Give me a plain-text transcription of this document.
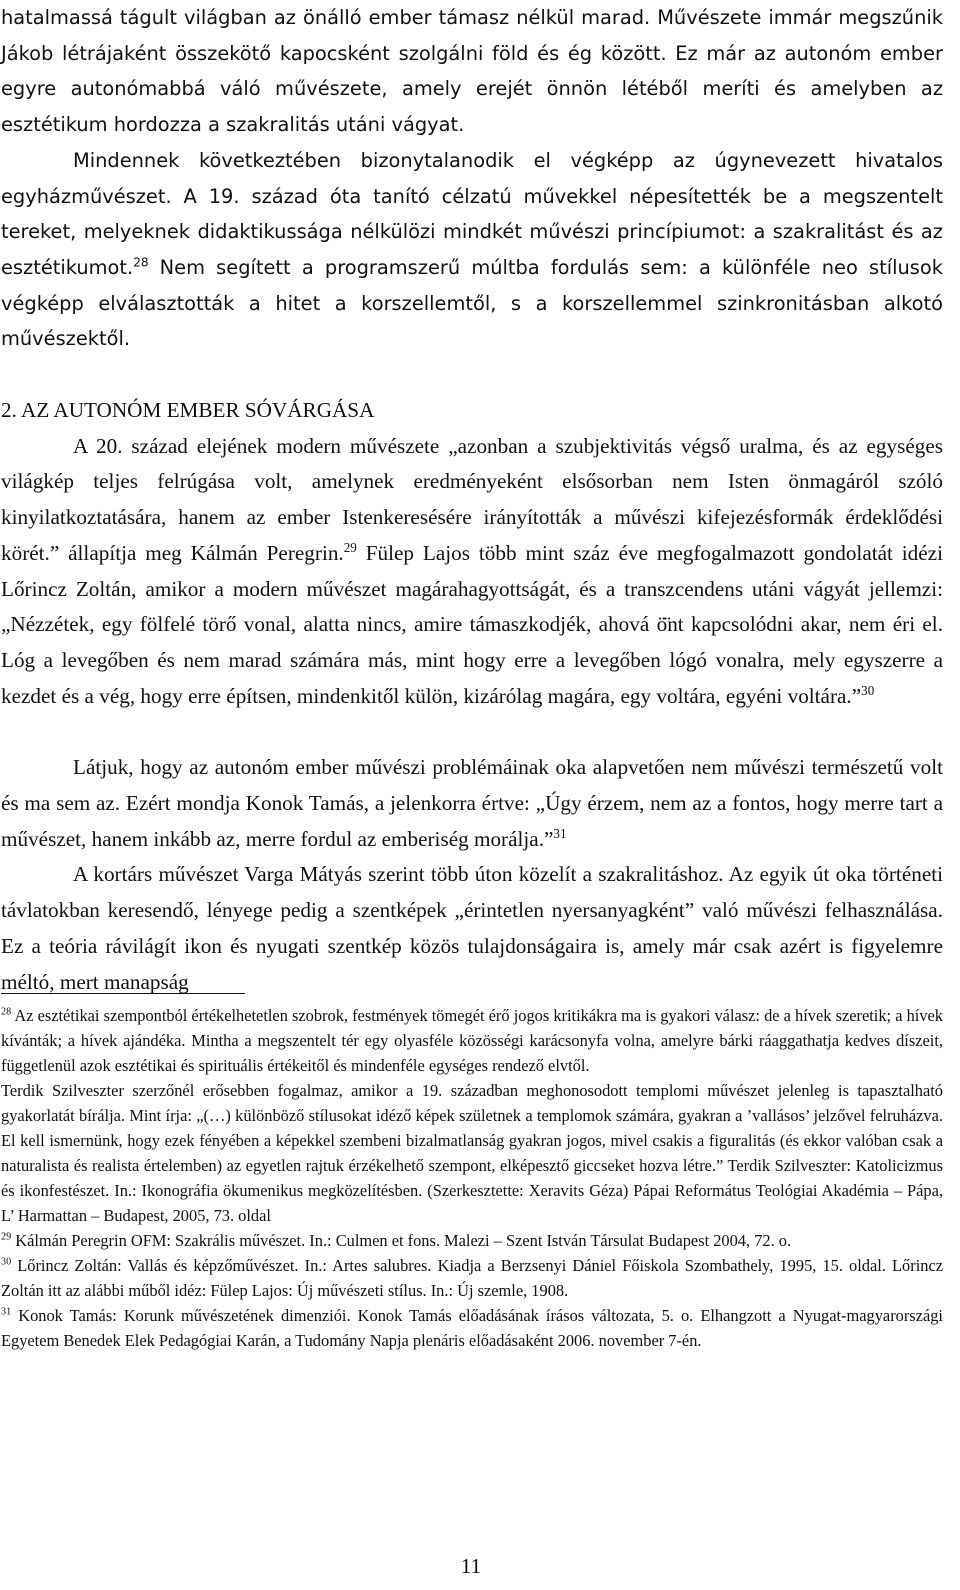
hatalmassá tágult világban az önálló ember támasz nélkül marad. Művészete immár megszűnik Jákob létrájaként összekötő kapocsként szolgálni föld és ég között. Ez már az autonóm ember egyre autonómabbá váló művészete, amely erejét önnön létéből meríti és amelyben az esztétikum hordozza a szakralitás utáni vágyat.

Mindennek következtében bizonytalanodik el végképp az úgynevezett hivatalos egyházművészet. A 19. század óta tanító célzatú művekkel népesítették be a megszentelt tereket, melyeknek didaktikussága nélkülözi mindkét művészi princípiumot: a szakralitást és az esztétikumot.$^{28}$ Nem segített a programszerű múltba fordulás sem: a különféle neo stílusok végképp elválasztották a hitet a korszellemtől, s a korszellemmel szinkronitásban alkotó művészektől.

2. AZ AUTONÓM EMBER SÓVÁRGÁSA

A 20. század elejének modern művészete „azonban a szubjektivitás végső uralma, és az egységes világkép teljes felrúgása volt, amelynek eredményeként elsősorban nem Isten önmagáról szóló kinyilatkoztatására, hanem az ember Istenkeresésére irányították a művészi kifejezésformák érdeklődési körét.” állapítja meg Kálmán Peregrin.$^{29}$ Fülep Lajos több mint száz éve megfogalmazott gondolatát idézi Lőrincz Zoltán, amikor a modern művészet magárahagyottságát, és a transzcendens utáni vágyát jellemzi: „Nézzétek, egy fölfelé törő vonal, alatta nincs, amire támaszkodjék, ahová ö̈nt kapcsolódni akar, nem éri el. Lóg a levegőben és nem marad számára más, mint hogy erre a levegőben lógó vonalra, mely egyszerre a kezdet és a vég, hogy erre építsen, mindenkitől külön, kizárólag magára, egy voltára, egyéni voltára.”$^{30}$

Látjuk, hogy az autonóm ember művészi problémáinak oka alapvetően nem művészi természetű volt és ma sem az. Ezért mondja Konok Tamás, a jelenkorra értve: „Úgy érzem, nem az a fontos, hogy merre tart a művészet, hanem inkább az, merre fordul az emberiség morálja.”$^{31}$

A kortárs művészet Varga Mátyás szerint több úton közelít a szakralitáshoz. Az egyik út oka történeti távlatokban keresendő, lényege pedig a szentképek „érintetlen nyersanyagként” való művészi felhasználása. Ez a teória rávilágít ikon és nyugati szentkép közös tulajdonságaira is, amely már csak azért is figyelemre méltó, mert manapság

$^{28}$ Az esztétikai szempontból értékelhetetlen szobrok, festmények tömegét érő jogos kritikákra ma is gyakori válasz: de a hívek szeretik; a hívek kívánták; a hívek ajándéka. Mintha a megszentelt tér egy olyasféle közösségi karácsonyfa volna, amelyre bárki ráaggathatja kedves díszeit, függetlenül azok esztétikai és spirituális értékeitől és mindenféle egységes rendező elvtől.

Terdik Szilveszter szerzőnél erősebben fogalmaz, amikor a 19. században meghonosodott templomi művészet jelenleg is tapasztalható gyakorlatát bírálja. Mint írja: „(…) különböző stílusokat idéző képek születnek a templomok számára, gyakran a ’vallásos’ jelzővel felruházva. El kell ismernünk, hogy ezek fényében a képekkel szembeni bizalmatlanság gyakran jogos, mivel csakis a figuralitás (és ekkor valóban csak a naturalista és realista értelemben) az egyetlen rajtuk érzékelhető szempont, elképesztő giccseket hozva létre.” Terdik Szilveszter: Katolicizmus és ikonfestészet. In.: Ikonográfia ökumenikus megközelítésben. (Szerkesztette: Xeravits Géza) Pápai Református Teológiai Akadémia – Pápa, L’ Harmattan – Budapest, 2005, 73. oldal

$^{29}$ Kálmán Peregrin OFM: Szakrális művészet. In.: Culmen et fons. Malezi – Szent István Társulat Budapest 2004, 72. o.

$^{30}$ Lőrincz Zoltán: Vallás és képzőművészet. In.: Artes salubres. Kiadja a Berzsenyi Dániel Főiskola Szombathely, 1995, 15. oldal. Lőrincz Zoltán itt az alábbi műből idéz: Fülep Lajos: Új művészeti stílus. In.: Új szemle, 1908.

$^{31}$ Konok Tamás: Korunk művészetének dimenziói. Konok Tamás előadásának írásos változata, 5. o. Elhangzott a Nyugat-magyarországi Egyetem Benedek Elek Pedagógiai Karán, a Tudomány Napja plenáris előadásaként 2006. november 7-én.

11
